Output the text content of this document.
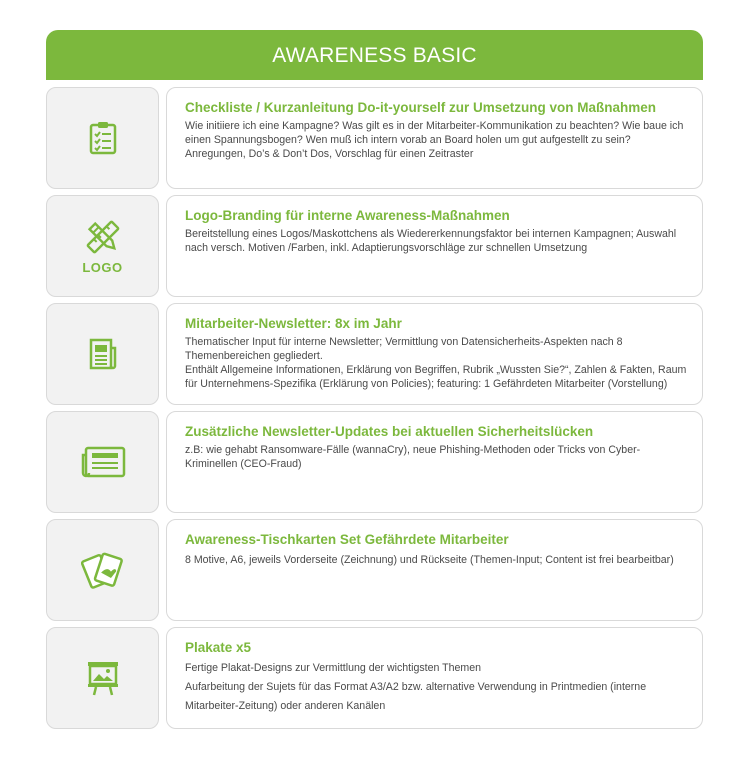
AWARENESS BASIC
Checkliste / Kurzanleitung Do-it-yourself zur Umsetzung von Maßnahmen
Wie initiiere ich eine Kampagne? Was gilt es in der Mitarbeiter-Kommunikation zu beachten? Wie baue ich einen Spannungsbogen? Wen muß ich intern vorab an Board holen um gut aufgestellt zu sein? Anregungen, Do’s & Don’t Dos, Vorschlag für einen Zeitraster
LOGO
Logo-Branding für interne Awareness-Maßnahmen
Bereitstellung eines Logos/Maskottchens als Wiedererkennungsfaktor bei internen Kampagnen; Auswahl nach versch. Motiven /Farben, inkl. Adaptierungsvorschläge zur schnellen Umsetzung
Mitarbeiter-Newsletter: 8x im Jahr
Thematischer Input für interne Newsletter; Vermittlung von Datensicherheits-Aspekten nach 8 Themenbereichen gegliedert.
Enthält Allgemeine Informationen, Erklärung von Begriffen, Rubrik „Wussten Sie?“, Zahlen & Fakten, Raum für Unternehmens-Spezifika (Erklärung von Policies); featuring: 1 Gefährdeten Mitarbeiter (Vorstellung)
Zusätzliche Newsletter-Updates bei aktuellen Sicherheitslücken
z.B: wie gehabt Ransomware-Fälle (wannaCry), neue Phishing-Methoden oder Tricks von Cyber-Kriminellen (CEO-Fraud)
Awareness-Tischkarten Set Gefährdete Mitarbeiter
8 Motive, A6, jeweils Vorderseite (Zeichnung) und Rückseite (Themen-Input; Content ist frei bearbeitbar)
Plakate x5
Fertige Plakat-Designs zur Vermittlung der wichtigsten Themen
Aufarbeitung der Sujets für das Format A3/A2 bzw. alternative Verwendung in Printmedien (interne Mitarbeiter-Zeitung) oder anderen Kanälen
